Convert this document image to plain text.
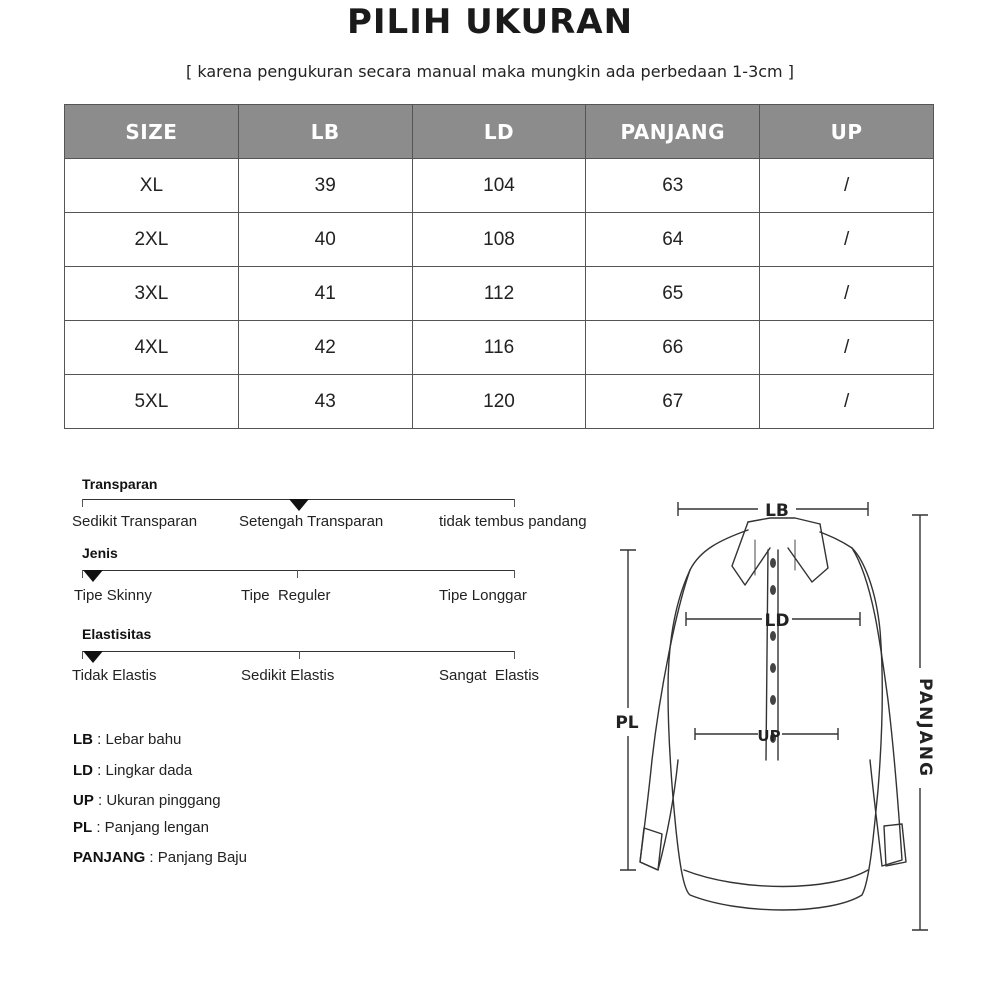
PILIH UKURAN
[ karena pengukuran secara manual maka mungkin ada perbedaan 1-3cm ]
SIZE	LB	LD	PANJANG	UP
XL	39	104	63	/
2XL	40	108	64	/
3XL	41	112	65	/
4XL	42	116	66	/
5XL	43	120	67	/
Transparan
Sedikit Transparan	Setengah Transparan	tidak tembus pandang
Jenis
Tipe Skinny	Tipe  Reguler	Tipe Longgar
Elastisitas
Tidak Elastis	Sedikit Elastis	Sangat  Elastis
LB : Lebar bahu
LD : Lingkar dada
UP : Ukuran pinggang
PL : Panjang lengan
PANJANG : Panjang Baju
LB
LD
UP
PL	PANJANG
